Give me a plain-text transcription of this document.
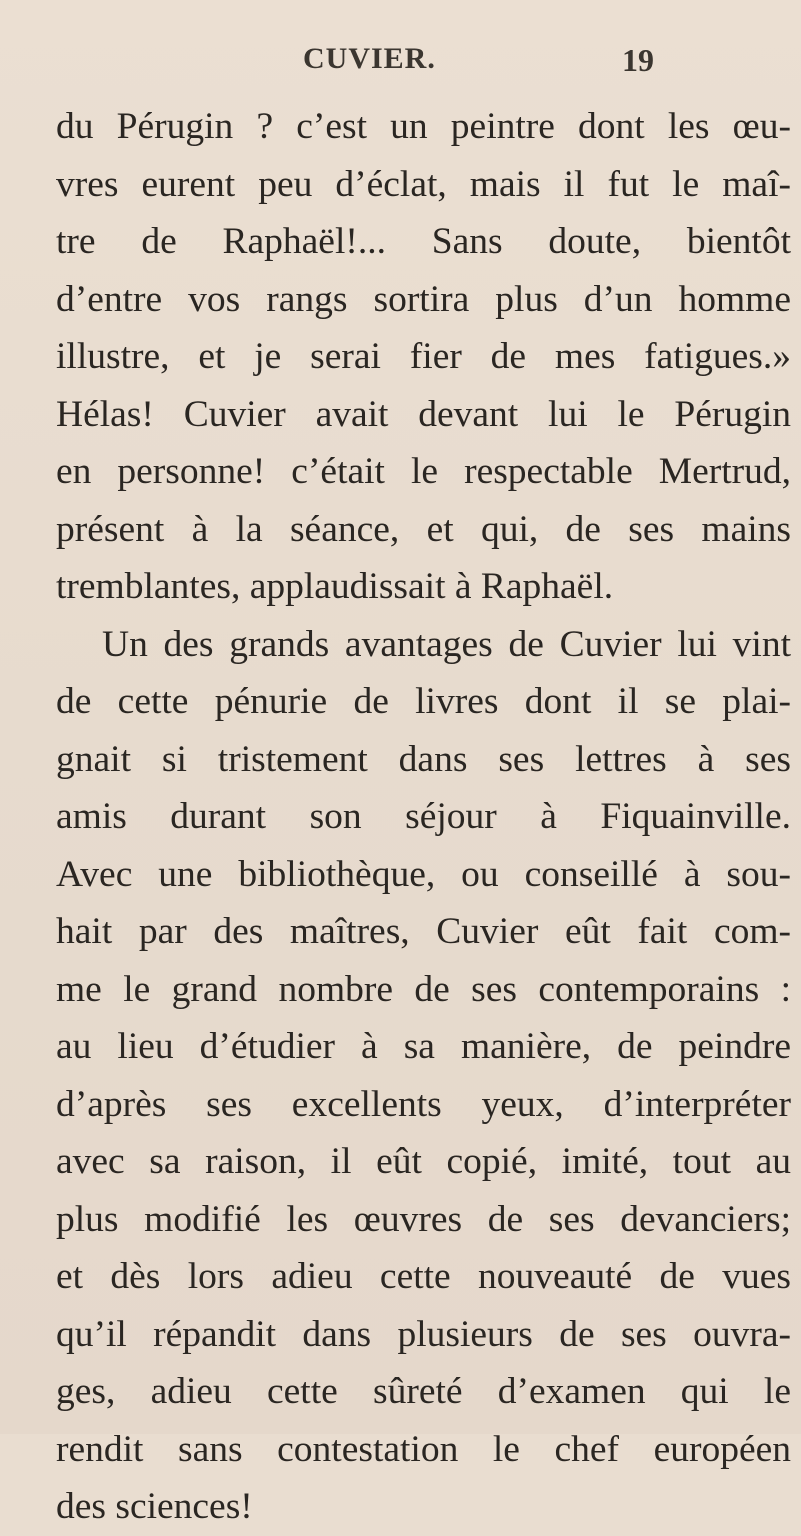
CUVIER.	19
du Pérugin ? c’est un peintre dont les œu-
vres eurent peu d’éclat, mais il fut le maî-
tre de Raphaël!... Sans doute, bientôt
d’entre vos rangs sortira plus d’un homme
illustre, et je serai fier de mes fatigues.»
Hélas! Cuvier avait devant lui le Pérugin
en personne! c’était le respectable Mertrud,
présent à la séance, et qui, de ses mains
tremblantes, applaudissait à Raphaël.
Un des grands avantages de Cuvier lui vint
de cette pénurie de livres dont il se plai-
gnait si tristement dans ses lettres à ses
amis durant son séjour à Fiquainville.
Avec une bibliothèque, ou conseillé à sou-
hait par des maîtres, Cuvier eût fait com-
me le grand nombre de ses contemporains :
au lieu d’étudier à sa manière, de peindre
d’après ses excellents yeux, d’interpréter
avec sa raison, il eût copié, imité, tout au
plus modifié les œuvres de ses devanciers;
et dès lors adieu cette nouveauté de vues
qu’il répandit dans plusieurs de ses ouvra-
ges, adieu cette sûreté d’examen qui le
rendit sans contestation le chef européen
des sciences!
